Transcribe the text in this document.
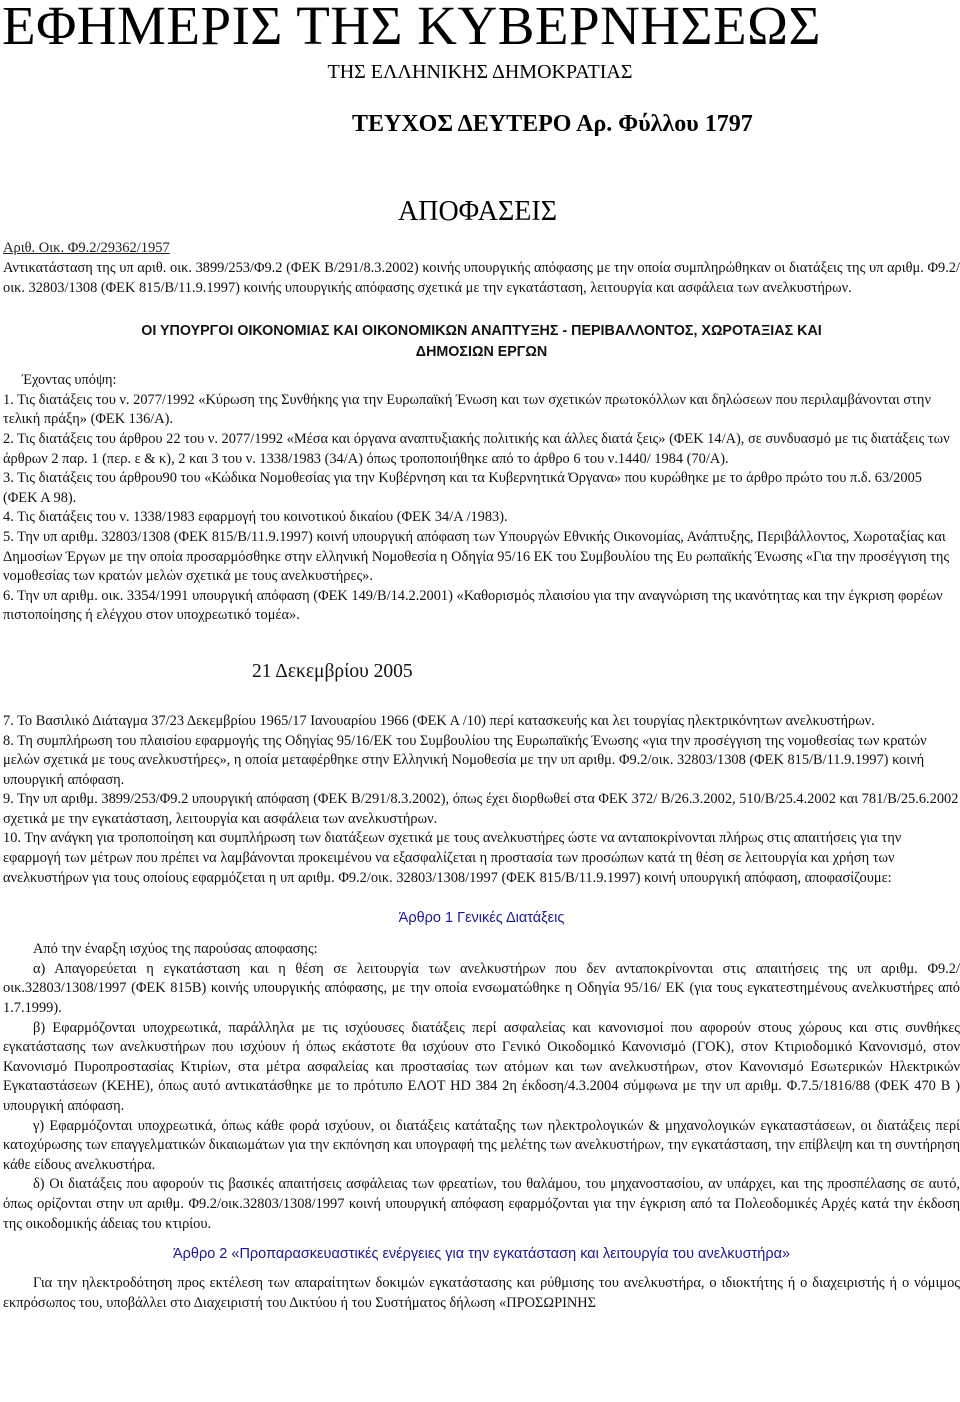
ΕΦΗΜΕΡΙΣ ΤΗΣ ΚΥΒΕΡΝΗΣΕΩΣ
ΤΗΣ ΕΛΛΗΝΙΚΗΣ ΔΗΜΟΚΡΑΤΙΑΣ
ΤΕΥΧΟΣ ΔΕΥΤΕΡΟ Αρ. Φύλλου 1797
ΑΠΟΦΑΣΕΙΣ
Αριθ. Οικ. Φ9.2/29362/1957

Αντικατάσταση της υπ αριθ. οικ. 3899/253/Φ9.2 (ΦΕΚ Β/291/8.3.2002) κοινής υπουργικής απόφασης με την οποία συμπληρώθηκαν οι διατάξεις της υπ αριθμ. Φ9.2/οικ. 32803/1308 (ΦΕΚ 815/Β/11.9.1997) κοινής υπουργικής απόφασης σχετικά με την εγκατάσταση, λειτουργία και ασφάλεια των ανελκυστήρων.

ΟΙ ΥΠΟΥΡΓΟΙ ΟΙΚΟΝΟΜΙΑΣ ΚΑΙ ΟΙΚΟΝΟΜΙΚΩΝ ΑΝΑΠΤΥΞΗΣ - ΠΕΡΙΒΑΛΛΟΝΤΟΣ, ΧΩΡΟΤΑΞΙΑΣ ΚΑΙ
ΔΗΜΟΣΙΩΝ ΕΡΓΩΝ

Έχοντας υπόψη:

1. Τις διατάξεις του ν. 2077/1992 «Κύρωση της Συνθήκης για την Ευρωπαϊκή Ένωση και των σχετικών πρωτοκόλλων και δηλώσεων που περιλαμβάνονται στην τελική πράξη» (ΦΕΚ 136/Α).

2. Τις διατάξεις του άρθρου 22 του ν. 2077/1992 «Μέσα και όργανα αναπτυξιακής πολιτικής και άλλες διατά ξεις» (ΦΕΚ 14/Α), σε συνδυασμό με τις διατάξεις των άρθρων 2 παρ. 1 (περ. ε & κ), 2 και 3 του ν. 1338/1983 (34/Α) όπως τροποποιήθηκε από το άρθρο 6 του ν.1440/ 1984 (70/Α).

3. Τις διατάξεις του άρθρου90 του «Κώδικα Νομοθεσίας για την Κυβέρνηση και τα Κυβερνητικά Όργανα» που κυρώθηκε με το άρθρο πρώτο του π.δ. 63/2005 (ΦΕΚ Α 98).

4. Τις διατάξεις του ν. 1338/1983 εφαρμογή του κοινοτικού δικαίου (ΦΕΚ 34/Α /1983).

5. Την υπ αριθμ. 32803/1308 (ΦΕΚ 815/Β/11.9.1997) κοινή υπουργική απόφαση των Υπουργών Εθνικής Οικονομίας, Ανάπτυξης, Περιβάλλοντος, Χωροταξίας και Δημοσίων Έργων με την οποία προσαρμόσθηκε στην ελληνική Νομοθεσία η Οδηγία 95/16 ΕΚ του Συμβουλίου της Ευ ρωπαϊκής Ένωσης «Για την προσέγγιση της νομοθεσίας των κρατών μελών σχετικά με τους ανελκυστήρες».

6. Την υπ αριθμ. οικ. 3354/1991 υπουργική απόφαση (ΦΕΚ 149/Β/14.2.2001) «Καθορισμός πλαισίου για την αναγνώριση της ικανότητας και την έγκριση φορέων πιστοποίησης ή ελέγχου στον υποχρεωτικό τομέα».

21 Δεκεμβρίου 2005

7. Το Βασιλικό Διάταγμα 37/23 Δεκεμβρίου 1965/17 Ιανουαρίου 1966 (ΦΕΚ Α /10) περί κατασκευής και λει τουργίας ηλεκτρικόνητων ανελκυστήρων.

8. Τη συμπλήρωση του πλαισίου εφαρμογής της Οδηγίας 95/16/ΕΚ του Συμβουλίου της Ευρωπαϊκής Ένωσης «για την προσέγγιση της νομοθεσίας των κρατών μελών σχετικά με τους ανελκυστήρες», η οποία μεταφέρθηκε στην Ελληνική Νομοθεσία με την υπ αριθμ. Φ9.2/οικ. 32803/1308 (ΦΕΚ 815/Β/11.9.1997) κοινή υπουργική απόφαση.

9. Την υπ αριθμ. 3899/253/Φ9.2 υπουργική απόφαση (ΦΕΚ Β/291/8.3.2002), όπως έχει διορθωθεί στα ΦΕΚ 372/ Β/26.3.2002, 510/Β/25.4.2002 και 781/Β/25.6.2002 σχετικά με την εγκατάσταση, λειτουργία και ασφάλεια των ανελκυστήρων.

10. Την ανάγκη για τροποποίηση και συμπλήρωση των διατάξεων σχετικά με τους ανελκυστήρες ώστε να ανταποκρίνονται πλήρως στις απαιτήσεις για την εφαρμογή των μέτρων που πρέπει να λαμβάνονται προκειμένου να εξασφαλίζεται η προστασία των προσώπων κατά τη θέση σε λειτουργία και χρήση των ανελκυστήρων για τους οποίους εφαρμόζεται η υπ αριθμ. Φ9.2/οικ. 32803/1308/1997 (ΦΕΚ 815/Β/11.9.1997) κοινή υπουργική απόφαση, αποφασίζουμε:

Άρθρο 1 Γενικές Διατάξεις

Από την έναρξη ισχύος της παρούσας αποφασης:

α) Απαγορεύεται η εγκατάσταση και η θέση σε λειτουργία των ανελκυστήρων πoυ δεν ανταποκρίνονται στις απαιτήσεις της υπ αριθμ. Φ9.2/ οικ.32803/1308/1997 (ΦΕΚ 815Β) κοινής υπουργικής απόφασης, με την οποία ενσωματώθηκε η Οδηγία 95/16/ ΕΚ (για τους εγκατεστημένους ανελκυστήρες από 1.7.1999).

β) Εφαρμόζονται υποχρεωτικά, παράλληλα με τις ισχύουσες διατάξεις περί ασφαλείας και κανονισμοί που αφορούν στους χώρους και στις συνθήκες εγκατάστασης των ανελκυστήρων που ισχύουν ή όπως εκάστοτε θα ισχύουν στο Γενικό Οικοδομικό Κανονισμό (ΓΟΚ), στον Κτιριοδομικό Κανονισμό, στον Κανονισμό Πυροπροστασίας Κτιρίων, στα μέτρα ασφαλείας και προστασίας των ατόμων και των ανελκυστήρων, στον Κανονισμό Εσωτερικών Ηλεκτρικών Εγκαταστάσεων (ΚΕΗΕ), όπως αυτό αντικατάσθηκε με το πρότυπο ΕΛΟΤ HD 384 2η έκδοση/4.3.2004 σύμφωνα με την υπ αριθμ. Φ.7.5/1816/88 (ΦΕΚ 470 Β ) υπουργική απόφαση.

γ) Εφαρμόζονται υποχρεωτικά, όπως κάθε φορά ισχύουν, οι διατάξεις κατάταξης των ηλεκτρολογικών & μηχανολογικών εγκαταστάσεων, οι διατάξεις περί κατοχύρωσης των επαγγελματικών δικαιωμάτων για την εκπόνηση και υπογραφή της μελέτης των ανελκυστήρων, την εγκατάσταση, την επίβλεψη και τη συντήρηση κάθε είδους ανελκυστήρα.

δ) Οι διατάξεις που αφορούν τις βασικές απαιτήσεις ασφάλειας των φρεατίων, του θαλάμου, του μηχανοστασίου, αν υπάρχει, και της προσπέλασης σε αυτό, όπως ορίζονται στην υπ αριθμ. Φ9.2/οικ.32803/1308/1997 κοινή υπουργική απόφαση εφαρμόζονται για την έγκριση από τα Πολεοδομικές Αρχές κατά την έκδοση της οικοδομικής άδειας του κτιρίου.

Άρθρο 2 «Προπαρασκευαστικές ενέργειες για την εγκατάσταση και λειτουργία του ανελκυστήρα»

Για την ηλεκτροδότηση προς εκτέλεση των απαραίτητων δοκιμών εγκατάστασης και ρύθμισης του ανελκυστήρα, ο ιδιοκτήτης ή ο διαχειριστής ή ο νόμιμος εκπρόσωπος του, υποβάλλει στο Διαχειριστή του Δικτύου ή του Συστήματος δήλωση «ΠΡΟΣΩΡΙΝΗΣ
